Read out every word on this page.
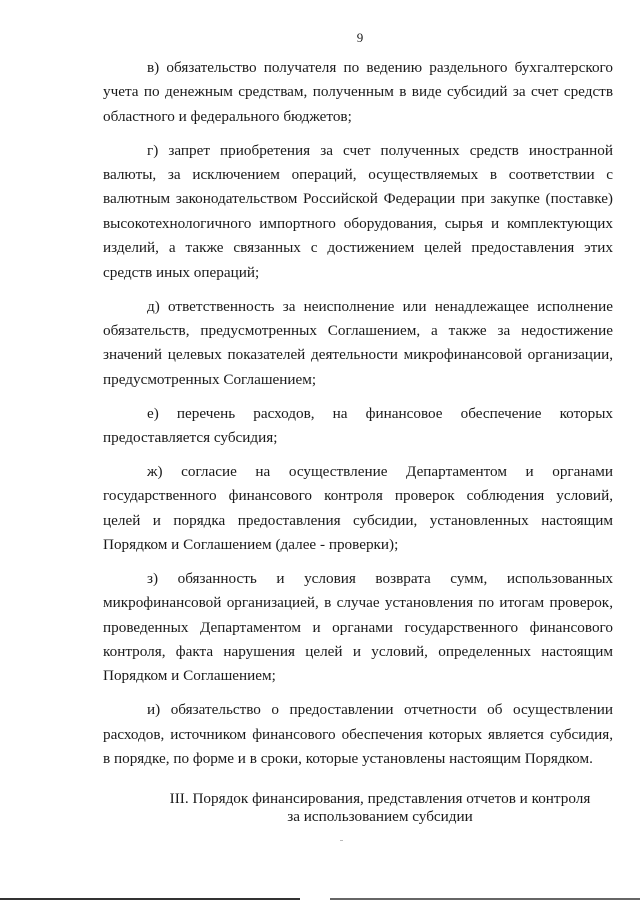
9
в) обязательство получателя по ведению раздельного бухгалтерского
учета по денежным средствам, полученным в виде субсидий за счет средств
областного и федерального бюджетов;
г) запрет приобретения за счет полученных средств иностранной
валюты, за исключением операций, осуществляемых в соответствии с
валютным законодательством Российской Федерации при закупке (поставке)
высокотехнологичного импортного оборудования, сырья и комплектующих
изделий, а также связанных с достижением целей предоставления этих
средств иных операций;
д) ответственность за неисполнение или ненадлежащее исполнение
обязательств, предусмотренных Соглашением, а также за недостижение
значений целевых показателей деятельности микрофинансовой организации,
предусмотренных Соглашением;
е) перечень расходов, на финансовое обеспечение которых
предоставляется субсидия;
ж) согласие на осуществление Департаментом и органами
государственного финансового контроля проверок соблюдения условий,
целей и порядка предоставления субсидии, установленных настоящим
Порядком и Соглашением (далее - проверки);
з) обязанность и условия возврата сумм, использованных
микрофинансовой организацией, в случае установления по итогам проверок,
проведенных Департаментом и органами государственного финансового
контроля, факта нарушения целей и условий, определенных настоящим
Порядком и Соглашением;
и) обязательство о предоставлении отчетности об осуществлении
расходов, источником финансового обеспечения которых является субсидия,
в порядке, по форме и в сроки, которые установлены настоящим Порядком.
III. Порядок финансирования, представления отчетов и контроля
за использованием субсидии
